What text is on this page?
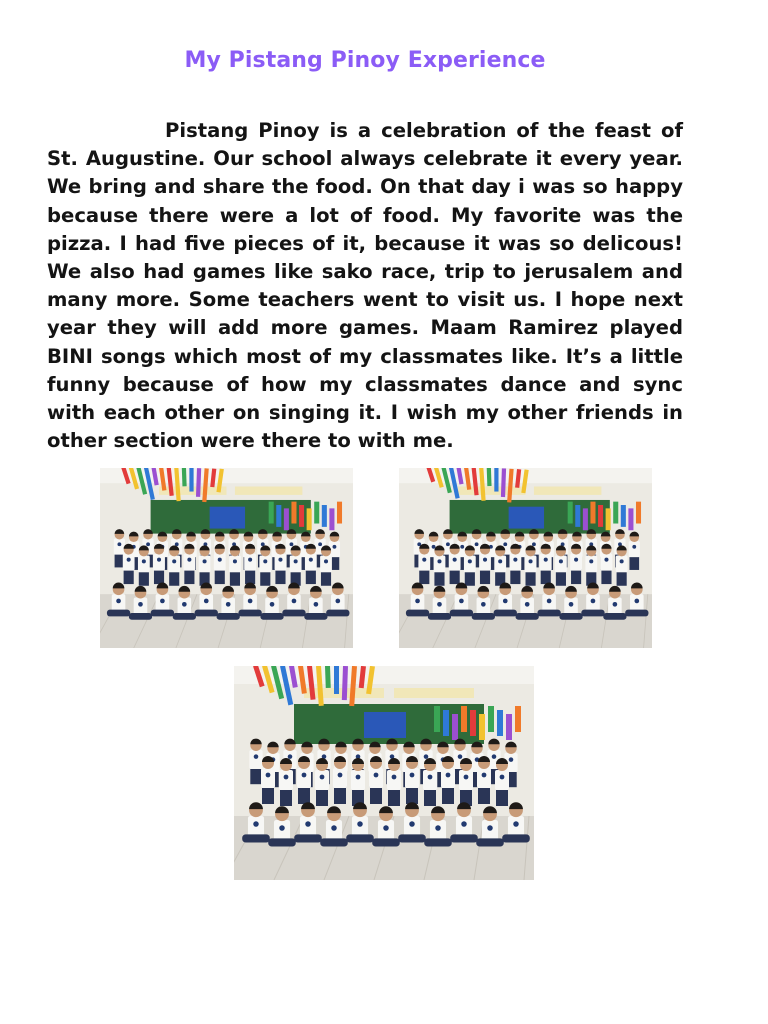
My Pistang Pinoy Experience

Pistang Pinoy is a celebration of the feast of St. Augustine. Our school always celebrate it every year. We bring and share the food. On that day i was so happy because there were a lot of food. My favorite was the pizza. I had five pieces of it, because it was so delicous! We also had games like sako race, trip to jerusalem and many more. Some teachers went to visit us. I hope next year they will add more games. Maam Ramirez played BINI songs which most of my classmates like. It’s a little funny because of how my classmates dance and sync with each other on singing it. I wish my other friends in other section were there to with me.
